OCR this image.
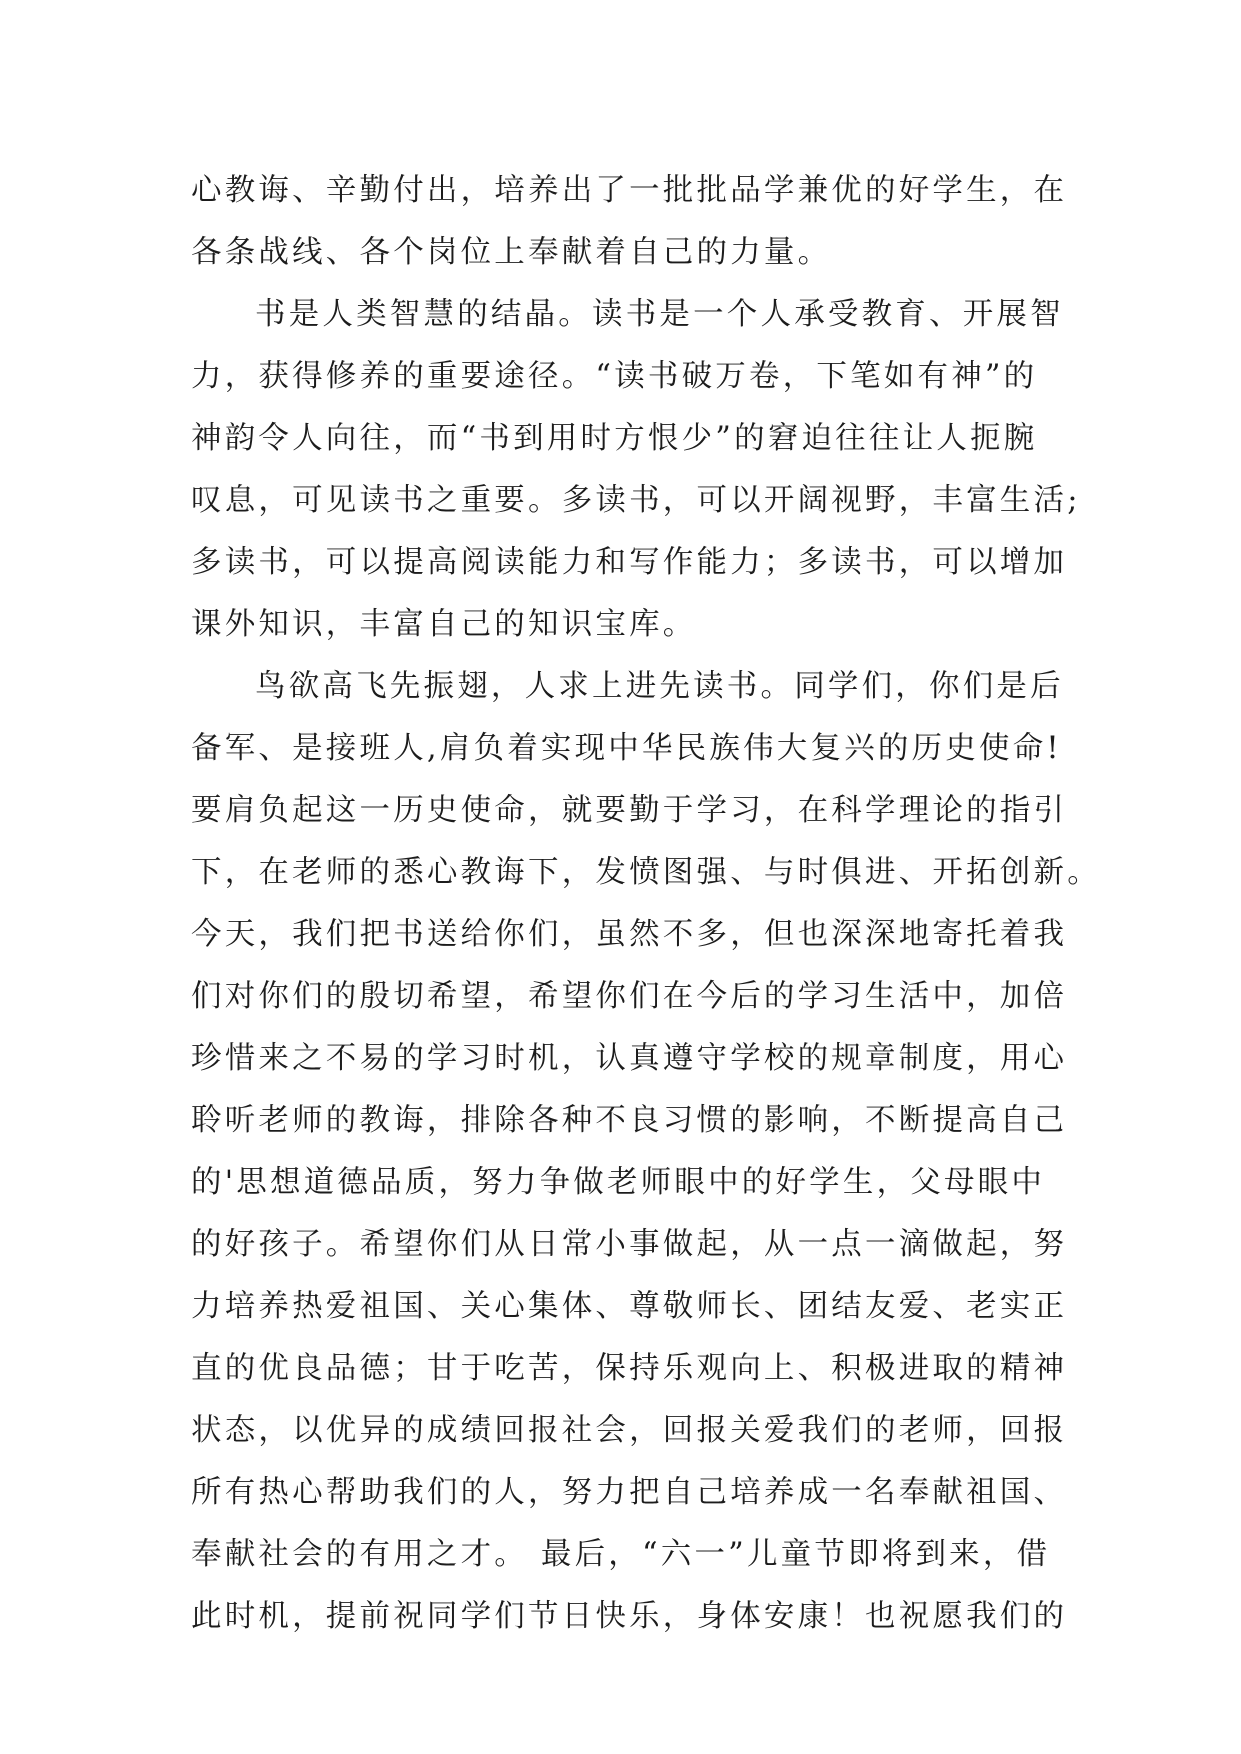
心教诲、辛勤付出，培养出了一批批品学兼优的好学生，在
各条战线、各个岗位上奉献着自己的力量。
书是人类智慧的结晶。读书是一个人承受教育、开展智
力，获得修养的重要途径。“读书破万卷，下笔如有神”的
神韵令人向往，而“书到用时方恨少”的窘迫往往让人扼腕
叹息，可见读书之重要。多读书，可以开阔视野，丰富生活;
多读书，可以提高阅读能力和写作能力；多读书，可以增加
课外知识，丰富自己的知识宝库。
鸟欲高飞先振翅，人求上进先读书。同学们，你们是后
备军、是接班人,肩负着实现中华民族伟大复兴的历史使命!
要肩负起这一历史使命，就要勤于学习，在科学理论的指引
下，在老师的悉心教诲下，发愤图强、与时俱进、开拓创新。
今天，我们把书送给你们，虽然不多，但也深深地寄托着我
们对你们的殷切希望，希望你们在今后的学习生活中，加倍
珍惜来之不易的学习时机，认真遵守学校的规章制度，用心
聆听老师的教诲，排除各种不良习惯的影响，不断提高自己
的'思想道德品质，努力争做老师眼中的好学生，父母眼中
的好孩子。希望你们从日常小事做起，从一点一滴做起，努
力培养热爱祖国、关心集体、尊敬师长、团结友爱、老实正
直的优良品德；甘于吃苦，保持乐观向上、积极进取的精神
状态，以优异的成绩回报社会，回报关爱我们的老师，回报
所有热心帮助我们的人，努力把自己培养成一名奉献祖国、
奉献社会的有用之才。 最后，“六一”儿童节即将到来，借
此时机，提前祝同学们节日快乐，身体安康！也祝愿我们的
